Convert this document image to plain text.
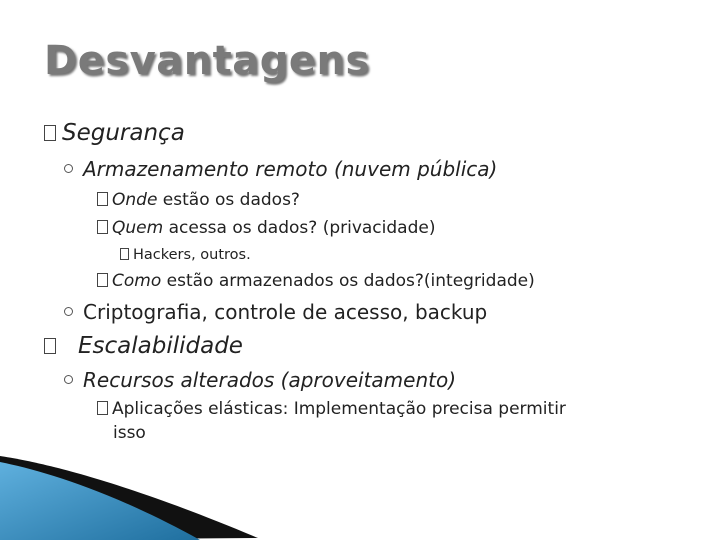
Desvantagens
Segurança
Armazenamento remoto (nuvem pública)
Onde estão os dados?
Quem acessa os dados? (privacidade)
Hackers, outros.
Como estão armazenados os dados?(integridade)
Criptografia, controle de acesso, backup
Escalabilidade
Recursos alterados (aproveitamento)
Aplicações elásticas: Implementação precisa permitir
isso
